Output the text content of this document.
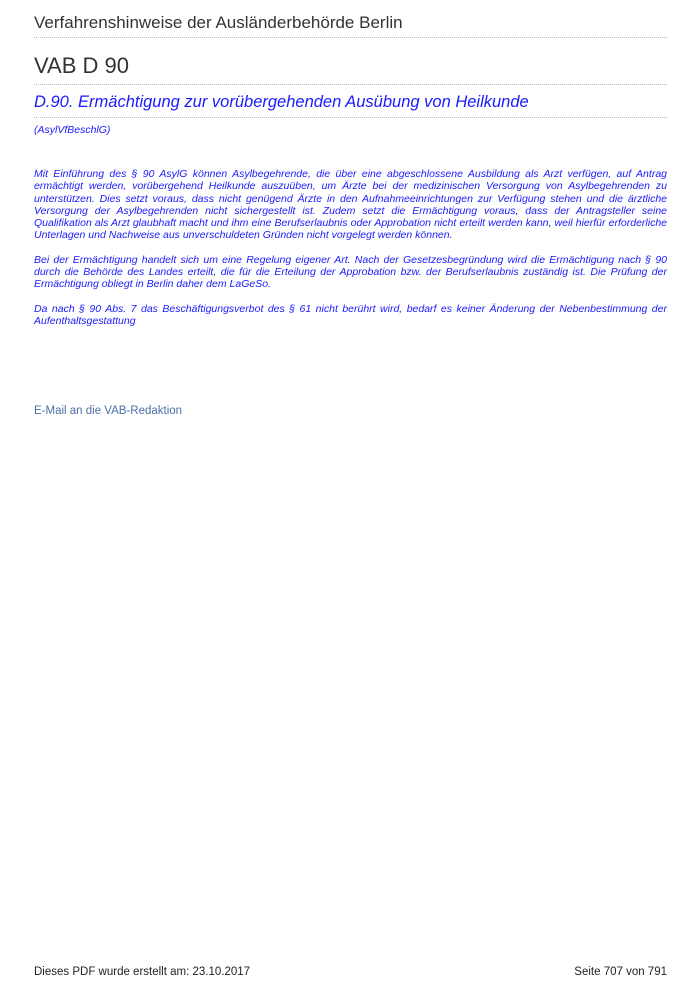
Verfahrenshinweise der Ausländerbehörde Berlin
VAB D 90
D.90. Ermächtigung zur vorübergehenden Ausübung von Heilkunde
(AsylVfBeschlG)

Mit Einführung des § 90 AsylG können Asylbegehrende, die über eine abgeschlossene Ausbildung als Arzt verfügen, auf Antrag ermächtigt werden, vorübergehend Heilkunde auszuüben, um Ärzte bei der medizinischen Versorgung von Asylbegehrenden zu unterstützen. Dies setzt voraus, dass nicht genügend Ärzte in den Aufnahmeeinrichtungen zur Verfügung stehen und die ärztliche Versorgung der Asylbegehrenden nicht sichergestellt ist. Zudem setzt die Ermächtigung voraus, dass der Antragsteller seine Qualifikation als Arzt glaubhaft macht und ihm eine Berufserlaubnis oder Approbation nicht erteilt werden kann, weil hierfür erforderliche Unterlagen und Nachweise aus unverschuldeten Gründen nicht vorgelegt werden können.

Bei der Ermächtigung handelt sich um eine Regelung eigener Art. Nach der Gesetzesbegründung wird die Ermächtigung nach § 90 durch die Behörde des Landes erteilt, die für die Erteilung der Approbation bzw. der Berufserlaubnis zuständig ist. Die Prüfung der Ermächtigung obliegt in Berlin daher dem LaGeSo.

Da nach § 90 Abs. 7 das Beschäftigungsverbot des § 61 nicht berührt wird, bedarf es keiner Änderung der Nebenbestimmung der Aufenthaltsgestattung

E-Mail an die VAB-Redaktion
Dieses PDF wurde erstellt am: 23.10.2017	Seite 707 von 791
